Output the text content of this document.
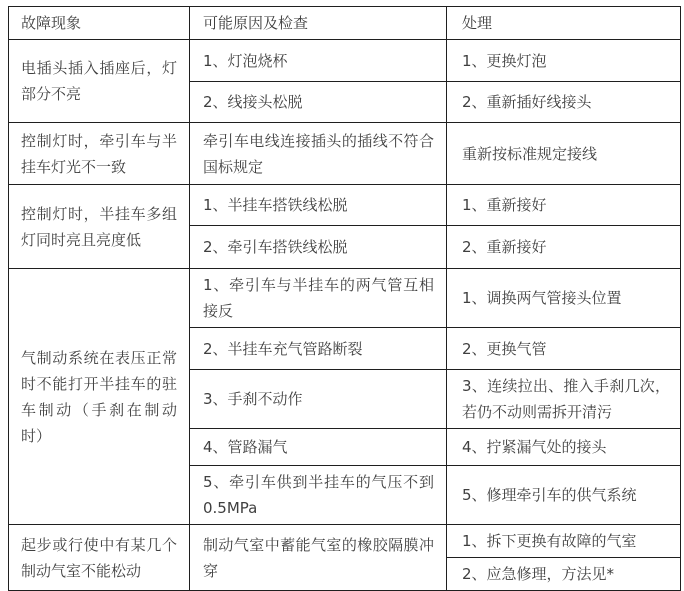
故障现象	可能原因及检查	处理
电插头插入插座后，灯部分不亮	1、灯泡烧杯	1、更换灯泡
	2、线接头松脱	2、重新插好线接头
控制灯时，牵引车与半挂车灯光不一致	牵引车电线连接插头的插线不符合国标规定	重新按标准规定接线
控制灯时，半挂车多组灯同时亮且亮度低	1、半挂车搭铁线松脱	1、重新接好
	2、牵引车搭铁线松脱	2、重新接好
气制动系统在表压正常时不能打开半挂车的驻车制动（手刹在制动时）	1、牵引车与半挂车的两气管互相接反	1、调换两气管接头位置
	2、半挂车充气管路断裂	2、更换气管
	3、手刹不动作	3、连续拉出、推入手刹几次，若仍不动则需拆开清污
	4、管路漏气	4、拧紧漏气处的接头
	5、牵引车供到半挂车的气压不到0.5MPa	5、修理牵引车的供气系统
起步或行使中有某几个制动气室不能松动	制动气室中蓄能气室的橡胶隔膜冲穿	1、拆下更换有故障的气室
		2、应急修理，方法见*
